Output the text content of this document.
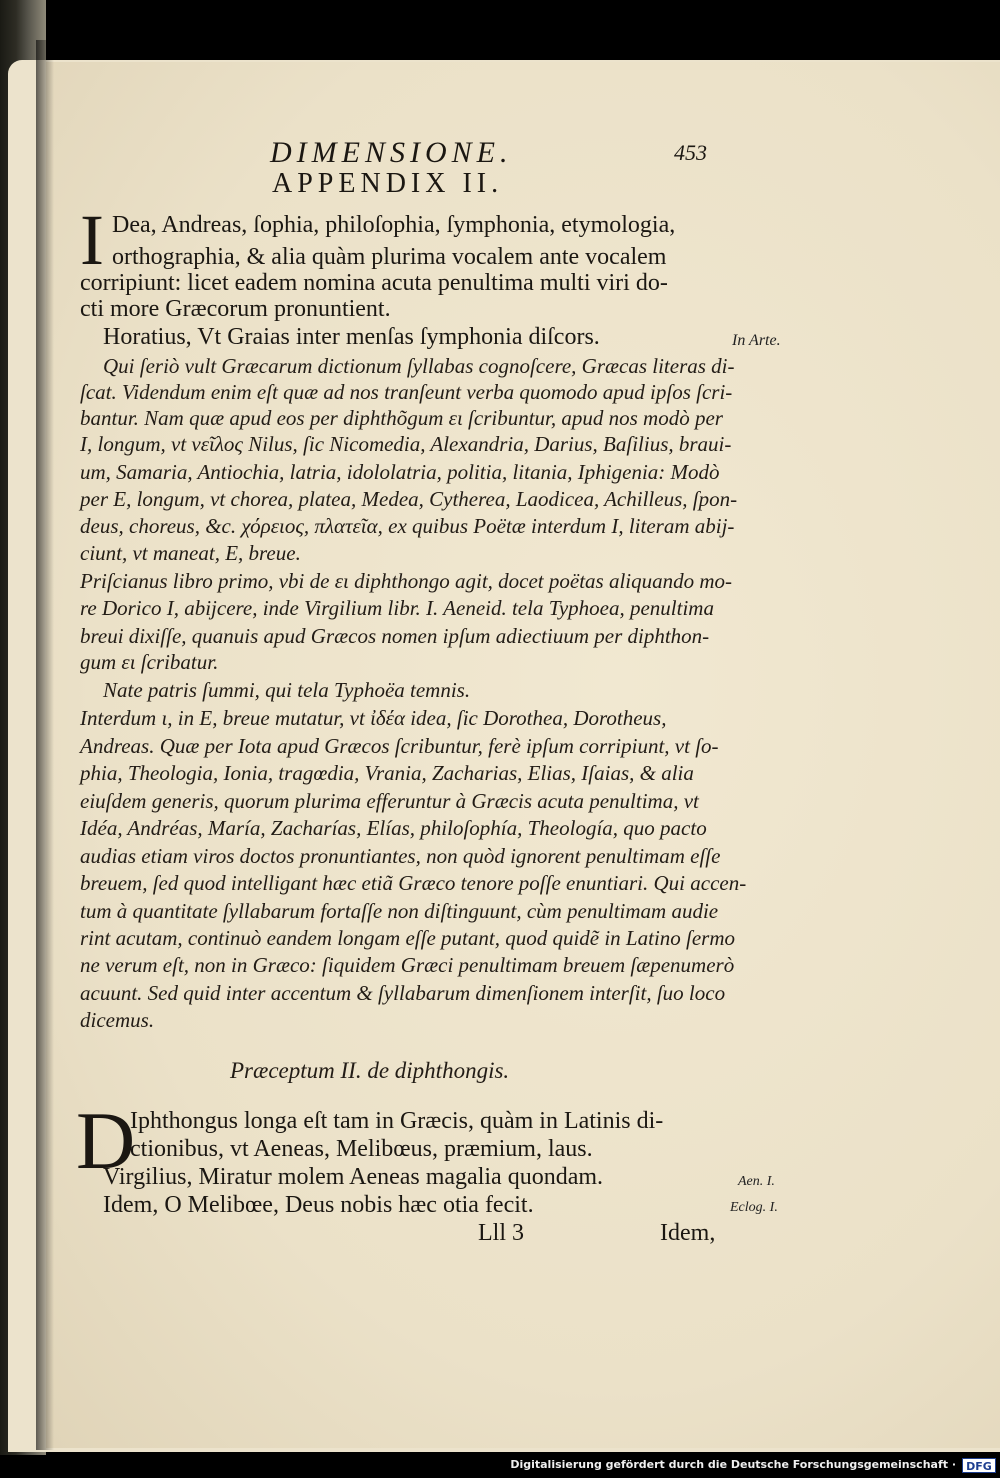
DIMENSIONE.	453
APPENDIX II.
I Dea, Andreas, ſophia, philoſophia, ſymphonia, etymologia,
orthographia, & alia quàm plurima vocalem ante vocalem
corripiunt: licet eadem nomina acuta penultima multi viri do-
cti more Græcorum pronuntient.
Horatius, Vt Graias inter menſas ſymphonia diſcors.	In Arte.
Qui ſeriò vult Græcarum dictionum ſyllabas cognoſcere, Græcas literas di-
ſcat. Videndum enim eſt quæ ad nos tranſeunt verba quomodo apud ipſos ſcri-
bantur. Nam quæ apud eos per diphthõgum ει ſcribuntur, apud nos modò per
I, longum, vt νεῖλος Nilus, ſic Nicomedia, Alexandria, Darius, Baſilius, braui-
um, Samaria, Antiochia, latria, idololatria, politia, litania, Iphigenia: Modò
per E, longum, vt chorea, platea, Medea, Cytherea, Laodicea, Achilleus, ſpon-
deus, choreus, &c. χόρειος, πλατεῖα, ex quibus Poëtæ interdum I, literam abij-
ciunt, vt maneat, E, breue.
Priſcianus libro primo, vbi de ει diphthongo agit, docet poëtas aliquando mo-
re Dorico I, abijcere, inde Virgilium libr. I. Aeneid. tela Typhoea, penultima
breui dixiſſe, quanuis apud Græcos nomen ipſum adiectiuum per diphthon-
gum ει ſcribatur.
Nate patris ſummi, qui tela Typhoëa temnis.
Interdum ι, in E, breue mutatur, vt ἰδέα idea, ſic Dorothea, Dorotheus,
Andreas. Quæ per Iota apud Græcos ſcribuntur, ferè ipſum corripiunt, vt ſo-
phia, Theologia, Ionia, tragœdia, Vrania, Zacharias, Elias, Iſaias, & alia
eiuſdem generis, quorum plurima efferuntur à Græcis acuta penultima, vt
Idéa, Andréas, María, Zacharías, Elías, philoſophía, Theología, quo pacto
audias etiam viros doctos pronuntiantes, non quòd ignorent penultimam eſſe
breuem, ſed quod intelligant hæc etiã Græco tenore poſſe enuntiari. Qui accen-
tum à quantitate ſyllabarum fortaſſe non diſtinguunt, cùm penultimam audie
rint acutam, continuò eandem longam eſſe putant, quod quidẽ in Latino ſermo
ne verum eſt, non in Græco: ſiquidem Græci penultimam breuem ſæpenumerò
acuunt. Sed quid inter accentum & ſyllabarum dimenſionem interſit, ſuo loco
dicemus.
Præceptum II. de diphthongis.
D
Iphthongus longa eſt tam in Græcis, quàm in Latinis di-
ctionibus, vt Aeneas, Melibœus, præmium, laus.
Virgilius, Miratur molem Aeneas magalia quondam.	Aen. I.
Idem, O Melibœe, Deus nobis hæc otia fecit.	Eclog. I.
Lll 3	Idem,
Digitalisierung gefördert durch die Deutsche Forschungsgemeinschaft · DFG
